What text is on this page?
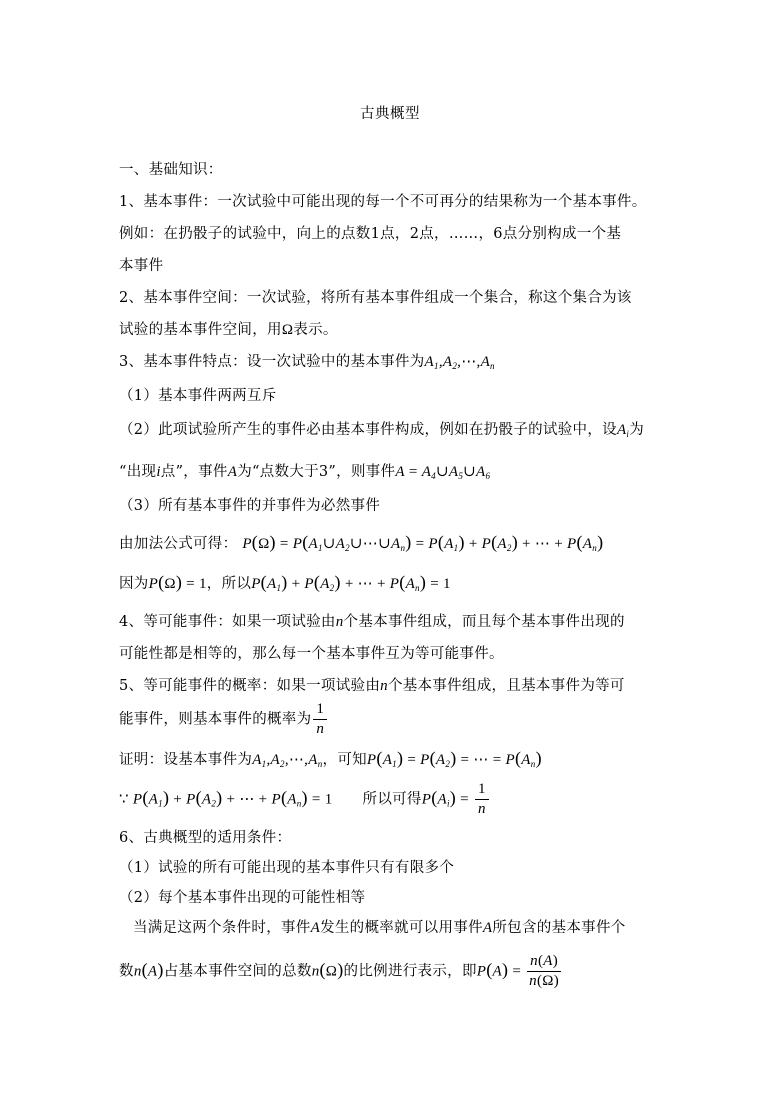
古典概型
一、基础知识：
1、基本事件：一次试验中可能出现的每一个不可再分的结果称为一个基本事件。
例如：在扔骰子的试验中，向上的点数1点，2点，……，6点分别构成一个基
本事件
2、基本事件空间：一次试验，将所有基本事件组成一个集合，称这个集合为该
试验的基本事件空间，用Ω表示。
3、基本事件特点：设一次试验中的基本事件为$A_1,A_2,\cdots,A_n$
（1）基本事件两两互斥
（2）此项试验所产生的事件必由基本事件构成，例如在扔骰子的试验中，设$A_i$为
“出现i点”，事件A为“点数大于3”，则事件$A = A_4\cup A_5\cup A_6$
（3）所有基本事件的并事件为必然事件
由加法公式可得： $P(\Omega) = P(A_1\cup A_2\cup\cdots\cup A_n) = P(A_1) + P(A_2)$ + ⋯ + $P(A_n)$
因为P(Ω) = 1，所以$P(A_1) + P(A_2)$ + ⋯ + $P(A_n) = 1$
4、等可能事件：如果一项试验由n个基本事件组成，而且每个基本事件出现的
可能性都是相等的，那么每一个基本事件互为等可能事件。
5、等可能事件的概率：如果一项试验由n个基本事件组成，且基本事件为等可
能事件，则基本事件的概率为 $\frac{1}{n}$
证明：设基本事件为$A_1,A_2,\cdots,A_n$，可知$P(A_1) = P(A_2)$ = ⋯ = $P(A_n)$
∵ $P(A_1) + P(A_2)$ + ⋯ + $P(A_n) = 1$ 所以可得$P(A_i) = \frac{1}{n}$
6、古典概型的适用条件：
（1）试验的所有可能出现的基本事件只有有限多个
（2）每个基本事件出现的可能性相等
当满足这两个条件时，事件A发生的概率就可以用事件A所包含的基本事件个
数n(A)占基本事件空间的总数n(Ω)的比例进行表示，即$P(A) = \frac{n(A)}{n(\Omega)}$
